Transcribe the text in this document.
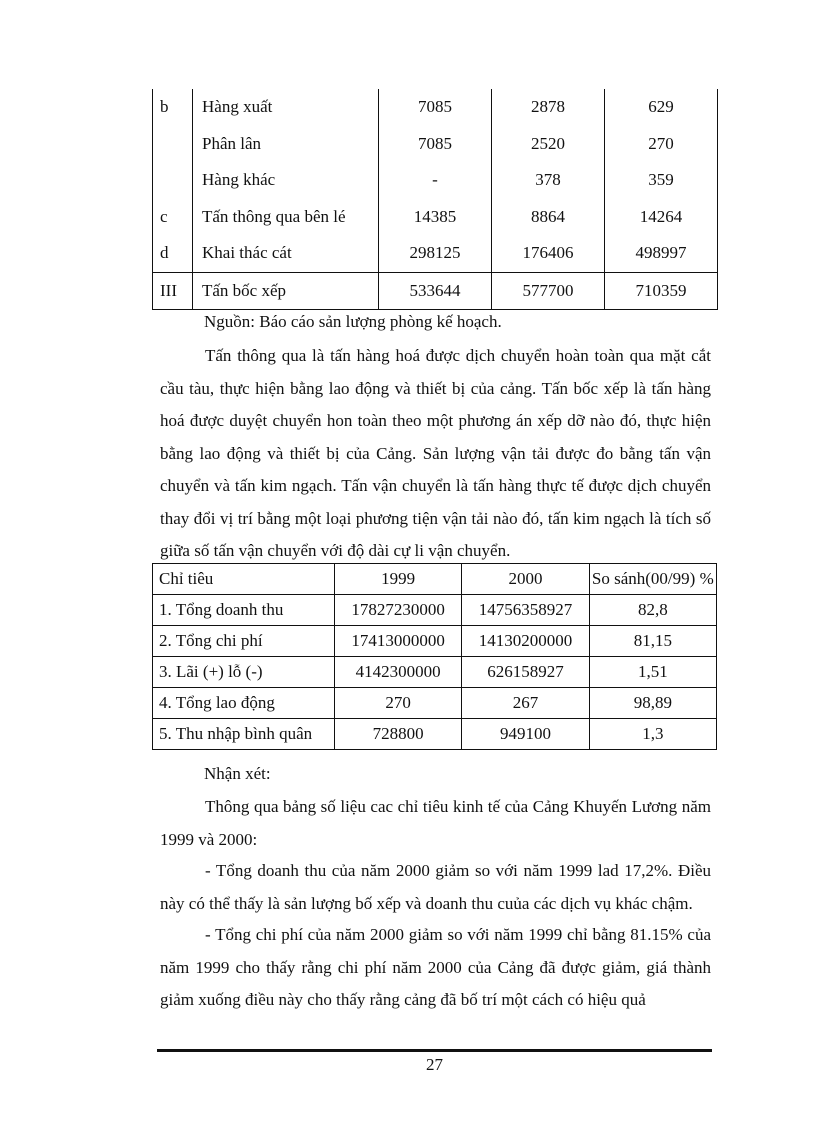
b	Hàng xuất	7085	2878	629
	Phân lân	7085	2520	270
	Hàng khác	-	378	359
c	Tấn thông qua bên lé	14385	8864	14264
d	Khai thác cát	298125	176406	498997
III	Tấn bốc xếp	533644	577700	710359
Nguồn: Báo cáo sản lượng phòng kế hoạch.

Tấn thông qua là tấn hàng hoá được dịch chuyển hoàn toàn qua mặt cắt cầu tàu, thực hiện bằng lao động và thiết bị của cảng. Tấn bốc xếp là tấn hàng hoá được duyệt chuyển hon toàn theo một phương án xếp dỡ nào đó, thực hiện bằng lao động và thiết bị của Cảng. Sản lượng vận tải được đo bằng tấn vận chuyển và tấn kim ngạch. Tấn vận chuyển là tấn hàng thực tế được dịch chuyển thay đổi vị trí bằng một loại phương tiện vận tải nào đó, tấn kim ngạch là tích số giữa số tấn vận chuyển với độ dài cự li vận chuyển.

Chỉ tiêu	1999	2000	So sánh(00/99) %
1. Tổng doanh thu	17827230000	14756358927	82,8
2. Tổng chi phí	17413000000	14130200000	81,15
3. Lãi (+) lỗ (-)	4142300000	626158927	1,51
4. Tổng lao động	270	267	98,89
5. Thu nhập bình quân	728800	949100	1,3
Nhận xét:

Thông qua bảng số liệu cac chỉ tiêu kinh tế của Cảng Khuyến Lương năm 1999 và 2000:

- Tổng doanh thu của năm 2000 giảm so với năm 1999 lad 17,2%. Điều này có thể thấy là sản lượng bố xếp và doanh thu cuủa các dịch vụ khác chậm.

- Tổng chi phí của năm 2000 giảm so với năm 1999 chỉ bằng 81.15% của năm 1999 cho thấy rằng chi phí năm 2000 của Cảng đã được giảm, giá thành giảm xuống điều này cho thấy rằng cảng đã bố trí một cách có hiệu quả

27
